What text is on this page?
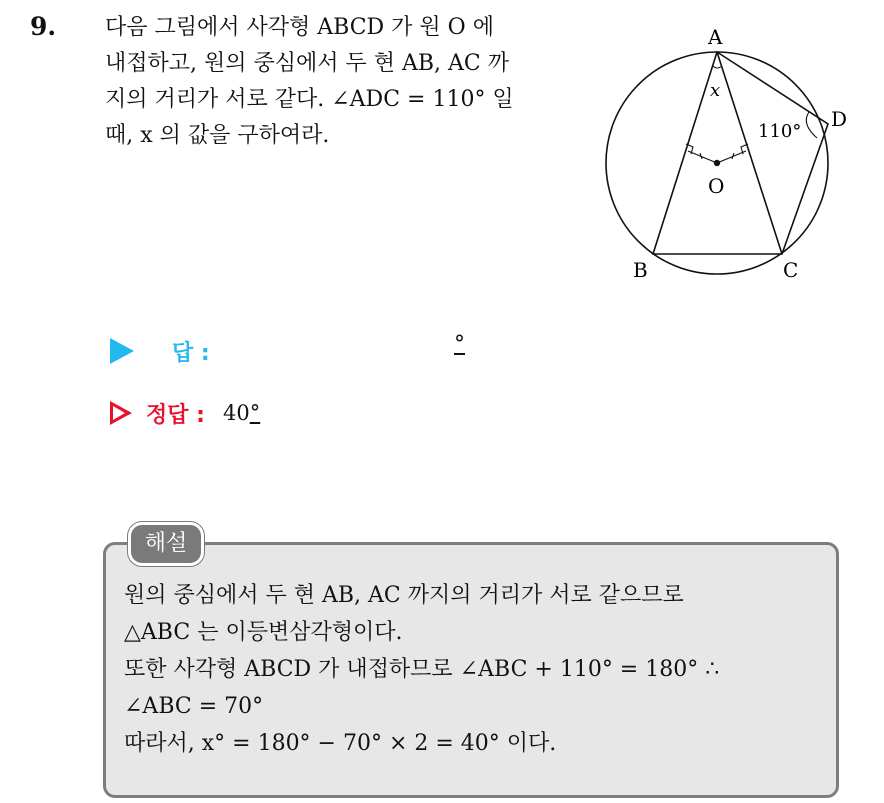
9. 다음 그림에서 사각형 ABCD 가 원 O 에
내접하고, 원의 중심에서 두 현 AB, AC 까
지의 거리가 서로 같다. ∠ADC = 110° 일
때, x 의 값을 구하여라.
A
B	C
D
O
x
110°
답 :	°
정답 : 40°
해설
원의 중심에서 두 현 AB, AC 까지의 거리가 서로 같으므로
△ABC 는 이등변삼각형이다.
또한 사각형 ABCD 가 내접하므로 ∠ABC + 110° = 180° ∴
∠ABC = 70°
따라서, x° = 180° − 70° × 2 = 40° 이다.
